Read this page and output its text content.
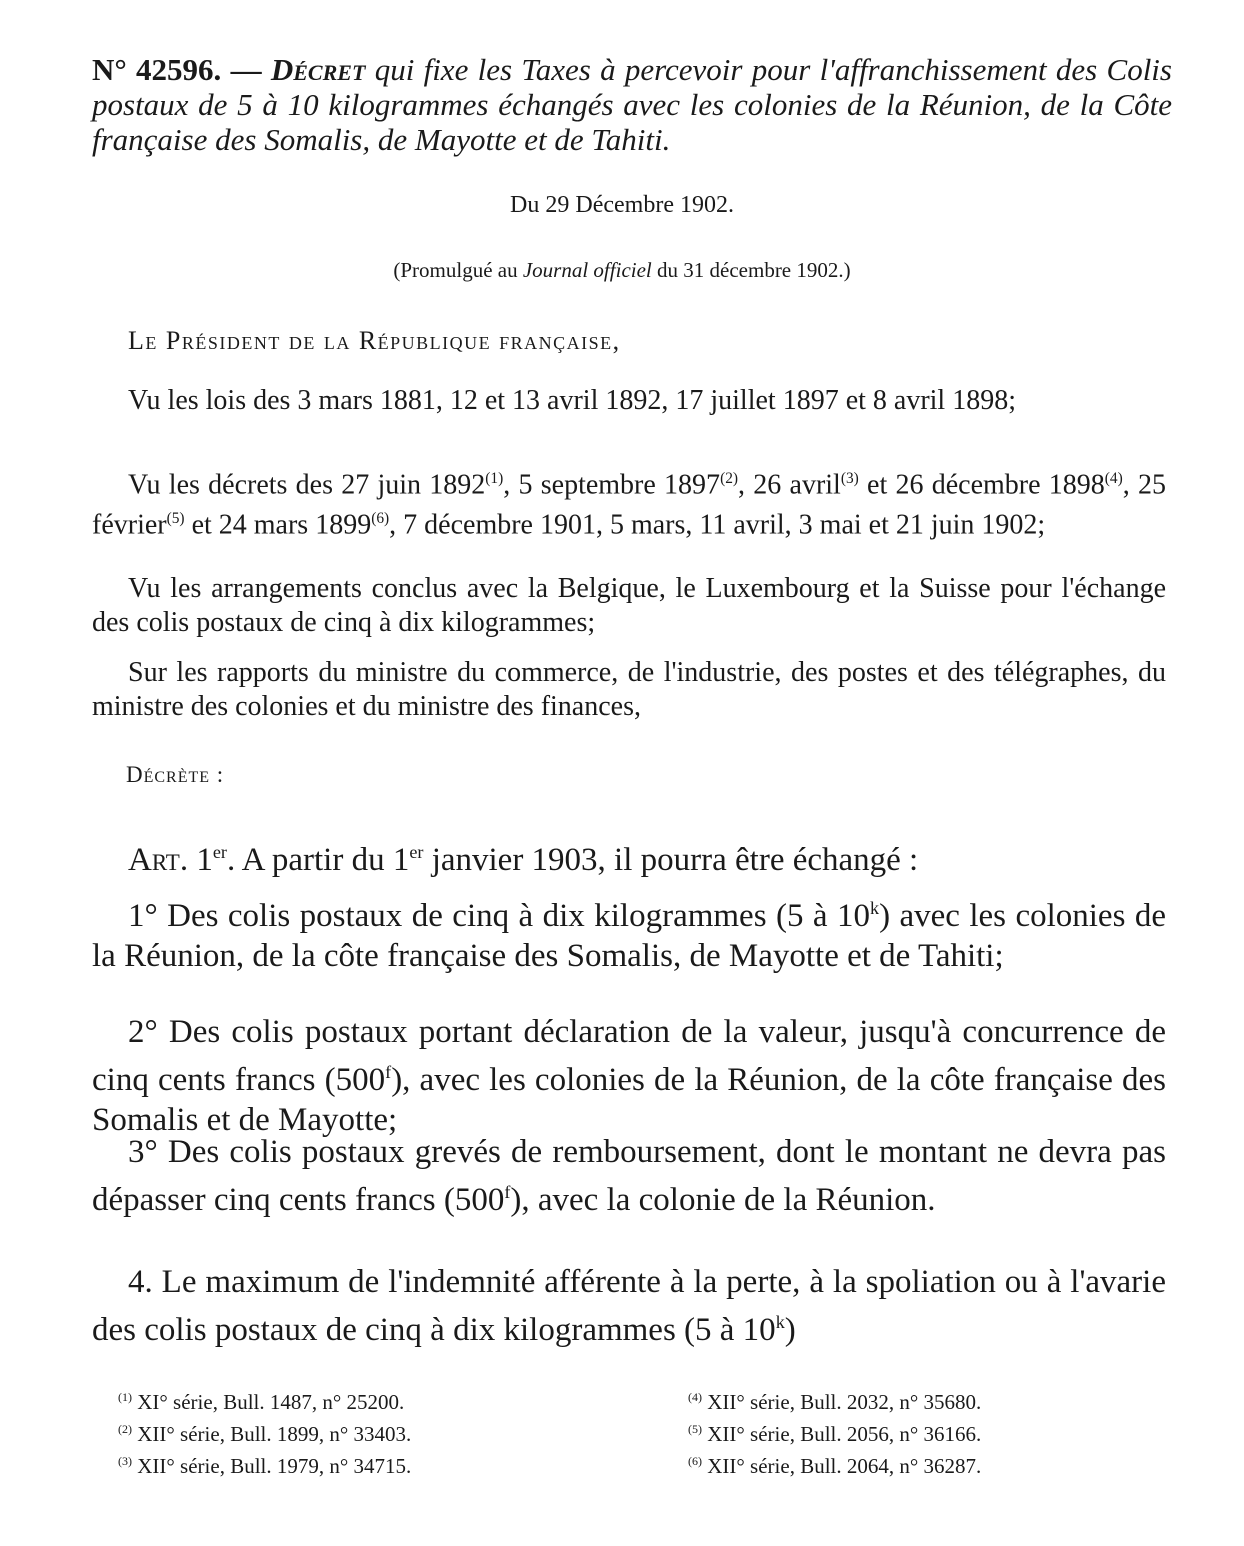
N° 42596. — Décret qui fixe les Taxes à percevoir pour l'affranchissement des Colis postaux de 5 à 10 kilogrammes échangés avec les colonies de la Réunion, de la Côte française des Somalis, de Mayotte et de Tahiti.
Du 29 Décembre 1902.
(Promulgué au Journal officiel du 31 décembre 1902.)
Le Président de la République française,
Vu les lois des 3 mars 1881, 12 et 13 avril 1892, 17 juillet 1897 et 8 avril 1898;
Vu les décrets des 27 juin 1892$^{(1)}$, 5 septembre 1897$^{(2)}$, 26 avril$^{(3)}$ et 26 décembre 1898$^{(4)}$, 25 février$^{(5)}$ et 24 mars 1899$^{(6)}$, 7 décembre 1901, 5 mars, 11 avril, 3 mai et 21 juin 1902;
Vu les arrangements conclus avec la Belgique, le Luxembourg et la Suisse pour l'échange des colis postaux de cinq à dix kilogrammes;
Sur les rapports du ministre du commerce, de l'industrie, des postes et des télégraphes, du ministre des colonies et du ministre des finances,
Décrète :
Art. 1er. A partir du 1er janvier 1903, il pourra être échangé :
1° Des colis postaux de cinq à dix kilogrammes (5 à 10$^k$) avec les colonies de la Réunion, de la côte française des Somalis, de Mayotte et de Tahiti;
2° Des colis postaux portant déclaration de la valeur, jusqu'à concurrence de cinq cents francs (500$^f$), avec les colonies de la Réunion, de la côte française des Somalis et de Mayotte;
3° Des colis postaux grevés de remboursement, dont le montant ne devra pas dépasser cinq cents francs (500$^f$), avec la colonie de la Réunion.
4. Le maximum de l'indemnité afférente à la perte, à la spoliation ou à l'avarie des colis postaux de cinq à dix kilogrammes (5 à 10$^k$)
$^{(1)}$ XI° série, Bull. 1487, n° 25200.
$^{(2)}$ XII° série, Bull. 1899, n° 33403.
$^{(3)}$ XII° série, Bull. 1979, n° 34715.
$^{(4)}$ XII° série, Bull. 2032, n° 35680.
$^{(5)}$ XII° série, Bull. 2056, n° 36166.
$^{(6)}$ XII° série, Bull. 2064, n° 36287.
